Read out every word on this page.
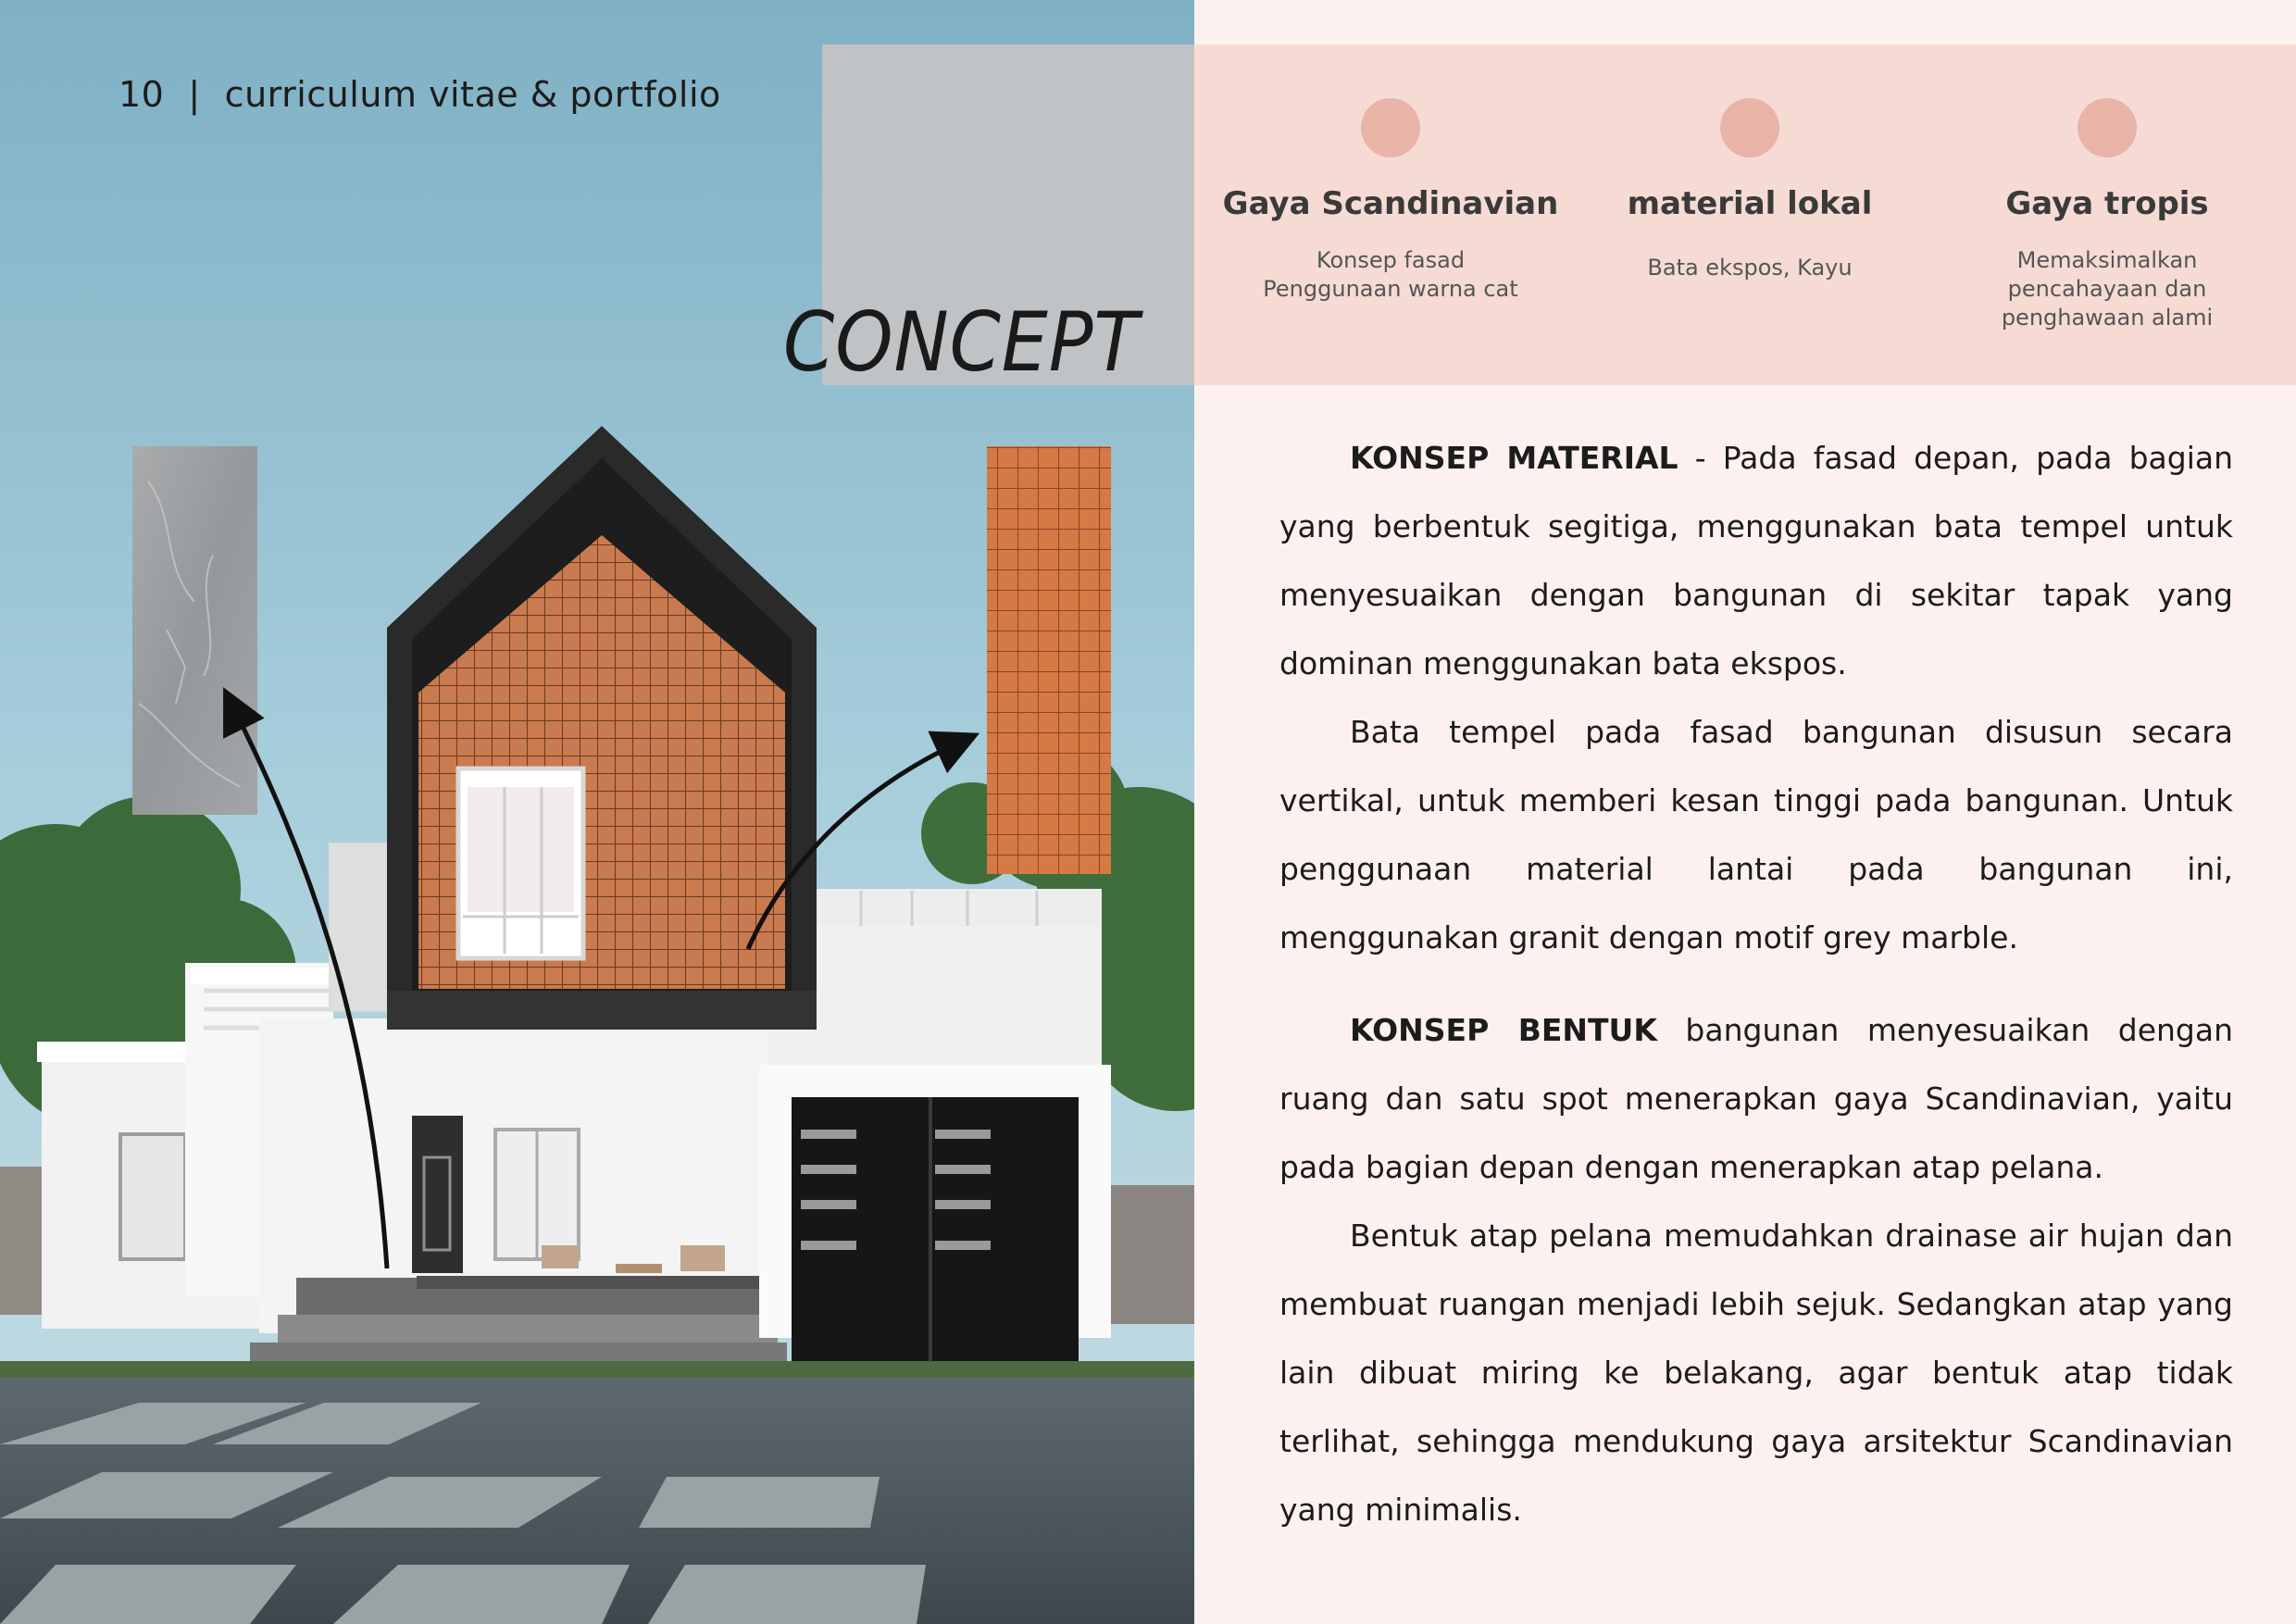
10 | curriculum vitae & portfolio
CONCEPT
Gaya Scandinavian
Konsep fasad
Penggunaan warna cat
material lokal
Bata ekspos, Kayu
Gaya tropis
Memaksimalkan
pencahayaan dan
penghawaan alami

KONSEP MATERIAL - Pada fasad depan, pada bagian yang berbentuk segitiga, menggunakan bata tempel untuk menyesuaikan dengan bangunan di sekitar tapak yang dominan menggunakan bata ekspos.

Bata tempel pada fasad bangunan disusun secara vertikal, untuk memberi kesan tinggi pada bangunan. Untuk penggunaan material lantai pada bangunan ini, menggunakan granit dengan motif grey marble.

KONSEP BENTUK bangunan menyesuaikan dengan ruang dan satu spot menerapkan gaya Scandinavian, yaitu pada bagian depan dengan menerapkan atap pelana.

Bentuk atap pelana memudahkan drainase air hujan dan membuat ruangan menjadi lebih sejuk. Sedangkan atap yang lain dibuat miring ke belakang, agar bentuk atap tidak terlihat, sehingga mendukung gaya arsitektur Scandinavian yang minimalis.
